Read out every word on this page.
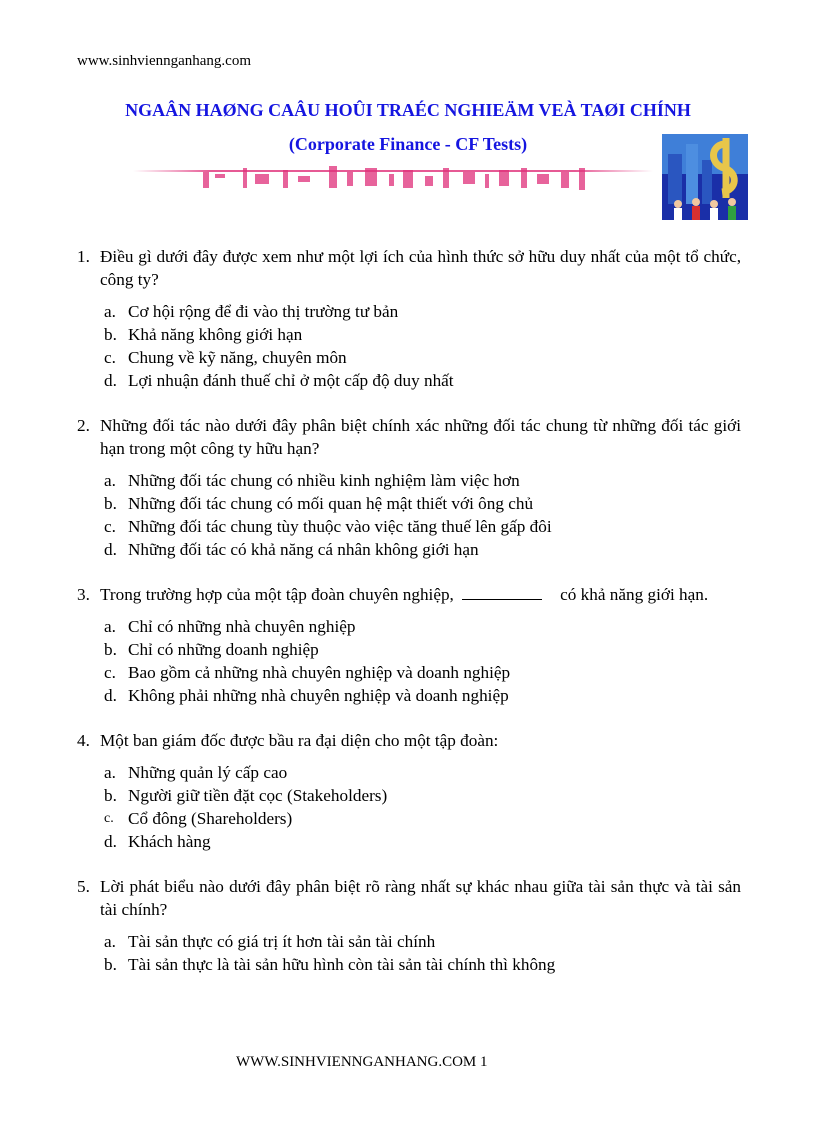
www.sinhviennganhang.com
NGAÂN HAØNG CAÂU HOÛI TRAÉC NGHIEÄM VEÀ TAØI CHÍNH
(Corporate Finance - CF Tests)
1. Điều gì dưới đây được xem như một lợi ích của hình thức sở hữu duy nhất của một tổ chức, công ty?
a. Cơ hội rộng để đi vào thị trường tư bản
b. Khả năng không giới hạn
c. Chung về kỹ năng, chuyên môn
d. Lợi nhuận đánh thuế chỉ ở một cấp độ duy nhất
2. Những đối tác nào dưới đây phân biệt chính xác những đối tác chung từ những đối tác giới hạn trong một công ty hữu hạn?
a. Những đối tác chung có nhiều kinh nghiệm làm việc hơn
b. Những đối tác chung có mối quan hệ mật thiết với ông chủ
c. Những đối tác chung tùy thuộc vào việc tăng thuế lên gấp đôi
d. Những đối tác có khả năng cá nhân không giới hạn
3. Trong trường hợp của một tập đoàn chuyên nghiệp,	có khả năng giới hạn.
a. Chỉ có những nhà chuyên nghiệp
b. Chỉ có những doanh nghiệp
c. Bao gồm cả những nhà chuyên nghiệp và doanh nghiệp
d. Không phải những nhà chuyên nghiệp và doanh nghiệp
4. Một ban giám đốc được bầu ra đại diện cho một tập đoàn:
a. Những quản lý cấp cao
b. Người giữ tiền đặt cọc (Stakeholders)
c. Cổ đông (Shareholders)
d. Khách hàng
5. Lời phát biểu nào dưới đây phân biệt rõ ràng nhất sự khác nhau giữa tài sản thực và tài sản tài chính?
a. Tài sản thực có giá trị ít hơn tài sản tài chính
b. Tài sản thực là tài sản hữu hình còn tài sản tài chính thì không
WWW.SINHVIENNGANHANG.COM 1
